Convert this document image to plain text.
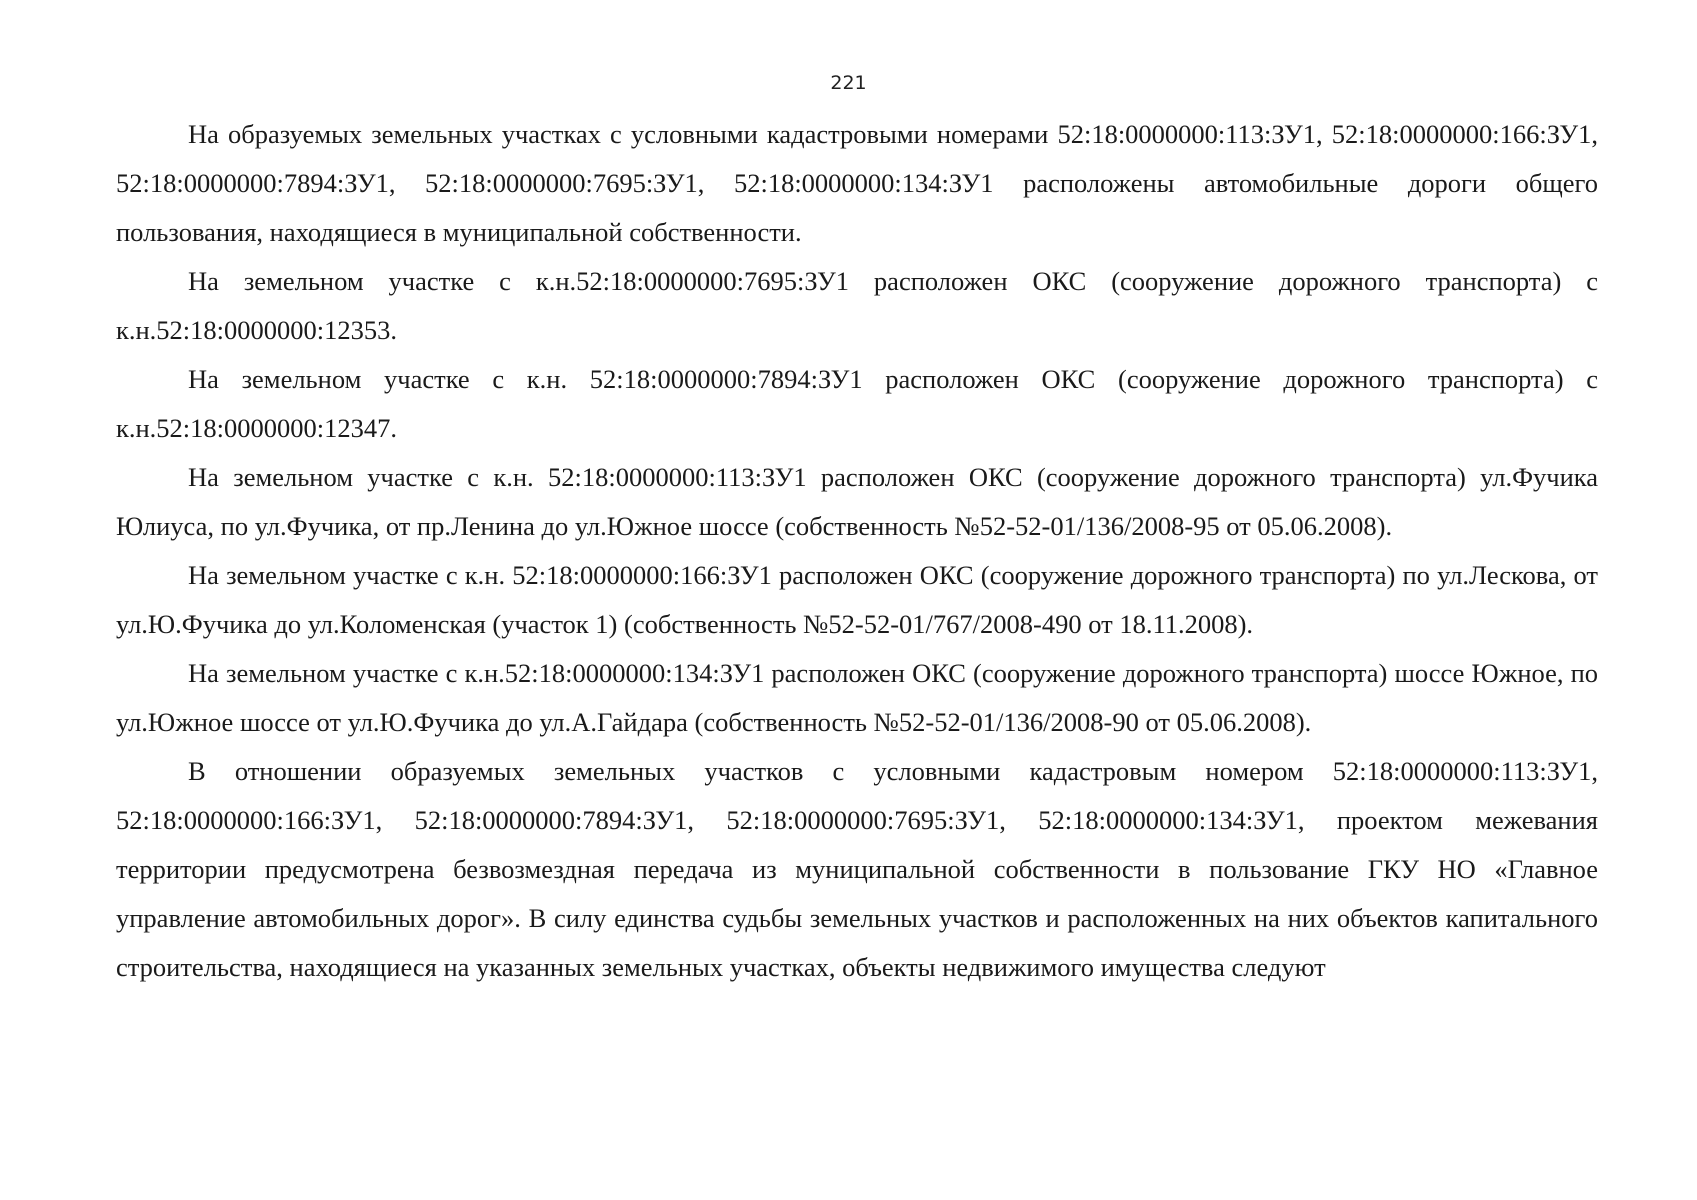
221

На образуемых земельных участках с условными кадастровыми номерами 52:18:0000000:113:ЗУ1, 52:18:0000000:166:ЗУ1, 52:18:0000000:7894:ЗУ1, 52:18:0000000:7695:ЗУ1, 52:18:0000000:134:ЗУ1 расположены автомобильные дороги общего пользования, находящиеся в муниципальной собственности.

На земельном участке с к.н.52:18:0000000:7695:ЗУ1 расположен ОКС (сооружение дорожного транспорта) с к.н.52:18:0000000:12353.

На земельном участке с к.н. 52:18:0000000:7894:ЗУ1 расположен ОКС (сооружение дорожного транспорта) с к.н.52:18:0000000:12347.

На земельном участке с к.н. 52:18:0000000:113:ЗУ1 расположен ОКС (сооружение дорожного транспорта) ул.Фучика Юлиуса, по ул.Фучика, от пр.Ленина до ул.Южное шоссе (собственность №52-52-01/136/2008-95 от 05.06.2008).

На земельном участке с к.н. 52:18:0000000:166:ЗУ1 расположен ОКС (сооружение дорожного транспорта) по ул.Лескова, от ул.Ю.Фучика до ул.Коломенская (участок 1) (собственность №52-52-01/767/2008-490 от 18.11.2008).

На земельном участке с к.н.52:18:0000000:134:ЗУ1 расположен ОКС (сооружение дорожного транспорта) шоссе Южное, по ул.Южное шоссе от ул.Ю.Фучика до ул.А.Гайдара (собственность №52-52-01/136/2008-90 от 05.06.2008).

В отношении образуемых земельных участков с условными кадастровым номером 52:18:0000000:113:ЗУ1, 52:18:0000000:166:ЗУ1, 52:18:0000000:7894:ЗУ1, 52:18:0000000:7695:ЗУ1, 52:18:0000000:134:ЗУ1, проектом межевания территории предусмотрена безвозмездная передача из муниципальной собственности в пользование ГКУ НО «Главное управление автомобильных дорог». В силу единства судьбы земельных участков и расположенных на них объектов капитального строительства, находящиеся на указанных земельных участках, объекты недвижимого имущества следуют
